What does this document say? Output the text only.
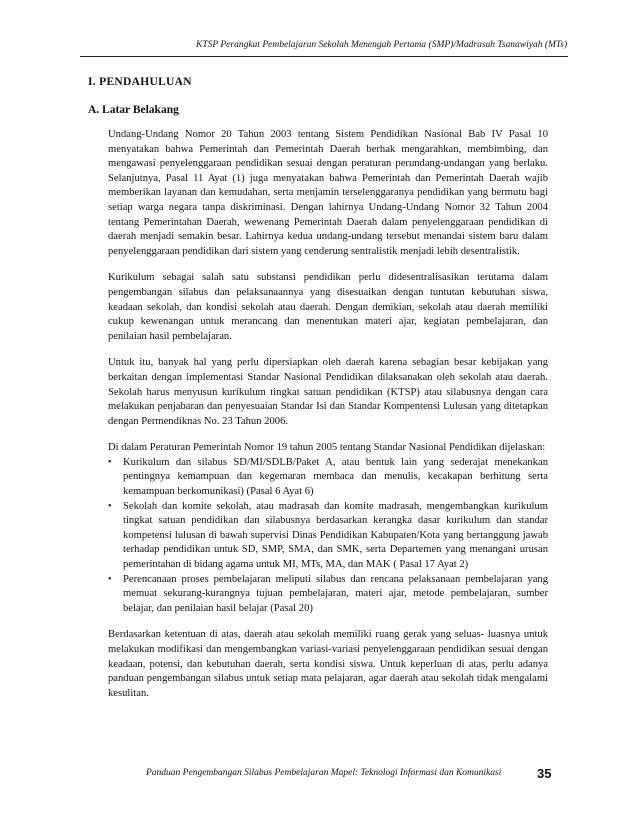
KTSP Perangkat Pembelajaran Sekolah Menengah Pertama (SMP)/Madrasah Tsanawiyah (MTs)
I. PENDAHULUAN
A. Latar Belakang

Undang-Undang Nomor 20 Tahun 2003 tentang Sistem Pendidikan Nasional Bab IV Pasal 10 menyatakan bahwa Pemerintah dan Pemerintah Daerah berhak mengarahkan, membimbing, dan mengawasi penyelenggaraan pendidikan sesuai dengan peraturan perundang-undangan yang berlaku. Selanjutnya, Pasal 11 Ayat (1) juga menyatakan bahwa Pemerintah dan Pemerintah Daerah wajib memberikan layanan dan kemudahan, serta menjamin terselenggaranya pendidikan yang bermutu bagi setiap warga negara tanpa diskriminasi. Dengan lahirnya Undang-Undang Nomor 32 Tahun 2004 tentang Pemerintahan Daerah, wewenang Pemerintah Daerah dalam penyelenggaraan pendidikan di daerah menjadi semakin besar. Lahirnya kedua undang-undang tersebut menandai sistem baru dalam penyelenggaraan pendidikan dari sistem yang cenderung sentralistik menjadi lebih desentralistik.

Kurikulum sebagai salah satu substansi pendidikan perlu didesentralisasikan terutama dalam pengembangan silabus dan pelaksanaannya yang disesuaikan dengan tuntutan kebutuhan siswa, keadaan sekolah, dan kondisi sekolah atau daerah. Dengan demikian, sekolah atau daerah memiliki cukup kewenangan untuk merancang dan menentukan materi ajar, kegiatan pembelajaran, dan penilaian hasil pembelajaran.

Untuk itu, banyak hal yang perlu dipersiapkan oleh daerah karena sebagian besar kebijakan yang berkaitan dengan implementasi Standar Nasional Pendidikan dilaksanakan oleh sekolah atau daerah. Sekolah harus menyusun kurikulum tingkat satuan pendidikan (KTSP) atau silabusnya dengan cara melakukan penjabaran dan penyesuaian Standar Isi dan Standar Kompentensi Lulusan yang ditetapkan dengan Permendiknas No. 23 Tahun 2006.

Di dalam Peraturan Pemerintah Nomor 19 tahun 2005 tentang Standar Nasional Pendidikan dijelaskan:

• Kurikulum dan silabus SD/MI/SDLB/Paket A, atau bentuk lain yang sederajat menekankan pentingnya kemampuan dan kegemaran membaca dan menulis, kecakapan berhitung serta kemampuan berkomunikasi) (Pasal 6 Ayat 6)
• Sekolah dan komite sekolah, atau madrasah dan komite madrasah, mengembangkan kurikulum tingkat satuan pendidikan dan silabusnya berdasarkan kerangka dasar kurikulum dan standar kompetensi lulusan di bawah supervisi Dinas Pendidikan Kabupaten/Kota yang bertanggung jawab terhadap pendidikan untuk SD, SMP, SMA, dan SMK, serta Departemen yang menangani urusan pemerintahan di bidang agama untuk MI, MTs, MA, dan MAK ( Pasal 17 Ayat 2)
• Perencanaan proses pembelajaran meliputi silabus dan rencana pelaksanaan pembelajaran yang memuat sekurang-kurangnya tujuan pembelajaran, materi ajar, metode pembelajaran, sumber belajar, dan penilaian hasil belajar (Pasal 20)

Berdasarkan ketentuan di atas, daerah atau sekolah memiliki ruang gerak yang seluas- luasnya untuk melakukan modifikasi dan mengembangkan variasi-variasi penyelenggaraan pendidikan sesuai dengan keadaan, potensi, dan kebutuhan daerah, serta kondisi siswa. Untuk keperluan di atas, perlu adanya panduan pengembangan silabus untuk setiap mata pelajaran, agar daerah atau sekolah tidak mengalami kesulitan.

Panduan Pengembangan Silabus Pembelajaran Mapel: Teknologi Informasi dan Komunikasi	35
